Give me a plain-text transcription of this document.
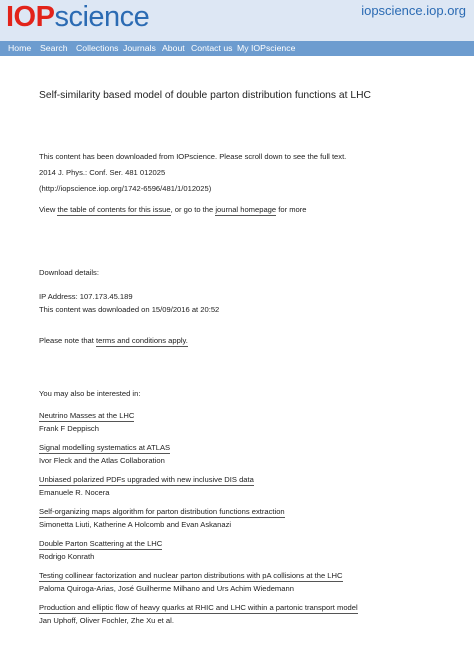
IOPscience	iopscience.iop.org
Home Search Collections Journals About Contact us My IOPscience
Self-similarity based model of double parton distribution functions at LHC
This content has been downloaded from IOPscience. Please scroll down to see the full text.
2014 J. Phys.: Conf. Ser. 481 012025
(http://iopscience.iop.org/1742-6596/481/1/012025)
View the table of contents for this issue, or go to the journal homepage for more
Download details:
IP Address: 107.173.45.189
This content was downloaded on 15/09/2016 at 20:52
Please note that terms and conditions apply.
You may also be interested in:
Neutrino Masses at the LHC
Frank F Deppisch
Signal modelling systematics at ATLAS
Ivor Fleck and the Atlas Collaboration
Unbiased polarized PDFs upgraded with new inclusive DIS data
Emanuele R. Nocera
Self-organizing maps algorithm for parton distribution functions extraction
Simonetta Liuti, Katherine A Holcomb and Evan Askanazi
Double Parton Scattering at the LHC
Rodrigo Konrath
Testing collinear factorization and nuclear parton distributions with pA collisions at the LHC
Paloma Quiroga-Arias, José Guilherme Milhano and Urs Achim Wiedemann
Production and elliptic flow of heavy quarks at RHIC and LHC within a partonic transport model
Jan Uphoff, Oliver Fochler, Zhe Xu et al.
